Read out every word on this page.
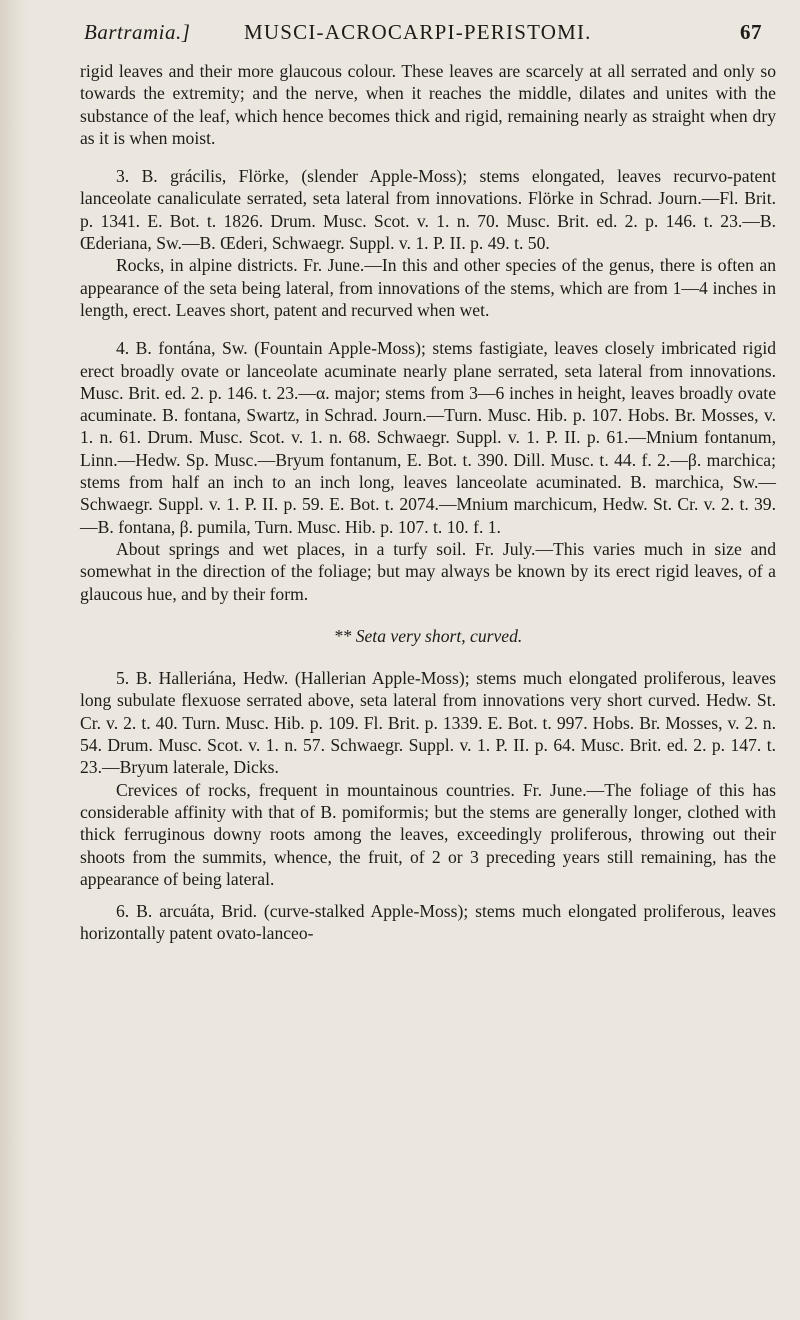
Bartramia.]	MUSCI-ACROCARPI-PERISTOMI.	67

rigid leaves and their more glaucous colour. These leaves are scarcely at all serrated and only so towards the extremity; and the nerve, when it reaches the middle, dilates and unites with the substance of the leaf, which hence becomes thick and rigid, remaining nearly as straight when dry as it is when moist.

3. B. grácilis, Flörke, (slender Apple-Moss); stems elongated, leaves recurvo-patent lanceolate canaliculate serrated, seta lateral from innovations. Flörke in Schrad. Journ.—Fl. Brit. p. 1341. E. Bot. t. 1826. Drum. Musc. Scot. v. 1. n. 70. Musc. Brit. ed. 2. p. 146. t. 23.—B. Œderiana, Sw.—B. Œderi, Schwaegr. Suppl. v. 1. P. II. p. 49. t. 50.

Rocks, in alpine districts. Fr. June.—In this and other species of the genus, there is often an appearance of the seta being lateral, from innovations of the stems, which are from 1—4 inches in length, erect. Leaves short, patent and recurved when wet.

4. B. fontána, Sw. (Fountain Apple-Moss); stems fastigiate, leaves closely imbricated rigid erect broadly ovate or lanceolate acuminate nearly plane serrated, seta lateral from innovations. Musc. Brit. ed. 2. p. 146. t. 23.—α. major; stems from 3—6 inches in height, leaves broadly ovate acuminate. B. fontana, Swartz, in Schrad. Journ.—Turn. Musc. Hib. p. 107. Hobs. Br. Mosses, v. 1. n. 61. Drum. Musc. Scot. v. 1. n. 68. Schwaegr. Suppl. v. 1. P. II. p. 61.—Mnium fontanum, Linn.—Hedw. Sp. Musc.—Bryum fontanum, E. Bot. t. 390. Dill. Musc. t. 44. f. 2.—β. marchica; stems from half an inch to an inch long, leaves lanceolate acuminated. B. marchica, Sw.—Schwaegr. Suppl. v. 1. P. II. p. 59. E. Bot. t. 2074.—Mnium marchicum, Hedw. St. Cr. v. 2. t. 39.—B. fontana, β. pumila, Turn. Musc. Hib. p. 107. t. 10. f. 1.

About springs and wet places, in a turfy soil. Fr. July.—This varies much in size and somewhat in the direction of the foliage; but may always be known by its erect rigid leaves, of a glaucous hue, and by their form.

** Seta very short, curved.

5. B. Halleriána, Hedw. (Hallerian Apple-Moss); stems much elongated proliferous, leaves long subulate flexuose serrated above, seta lateral from innovations very short curved. Hedw. St. Cr. v. 2. t. 40. Turn. Musc. Hib. p. 109. Fl. Brit. p. 1339. E. Bot. t. 997. Hobs. Br. Mosses, v. 2. n. 54. Drum. Musc. Scot. v. 1. n. 57. Schwaegr. Suppl. v. 1. P. II. p. 64. Musc. Brit. ed. 2. p. 147. t. 23.—Bryum laterale, Dicks.

Crevices of rocks, frequent in mountainous countries. Fr. June.—The foliage of this has considerable affinity with that of B. pomiformis; but the stems are generally longer, clothed with thick ferruginous downy roots among the leaves, exceedingly proliferous, throwing out their shoots from the summits, whence, the fruit, of 2 or 3 preceding years still remaining, has the appearance of being lateral.

6. B. arcuáta, Brid. (curve-stalked Apple-Moss); stems much elongated proliferous, leaves horizontally patent ovato-lanceo-
